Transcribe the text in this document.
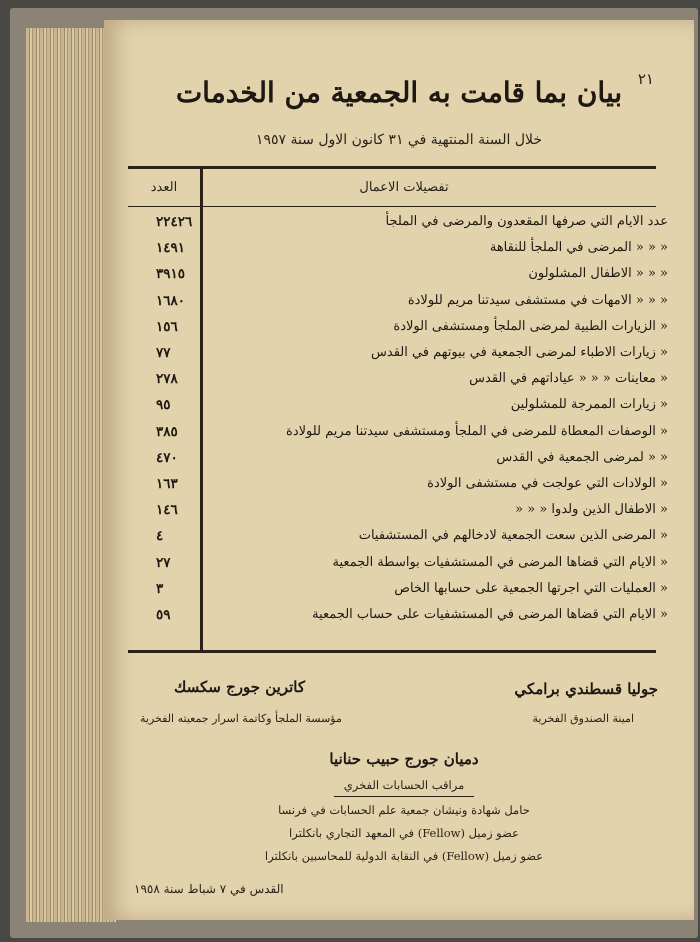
٢١
بيان بما قامت به الجمعية من الخدمات
خلال السنة المنتهية في ٣١ كانون الاول سنة ١٩٥٧
تفصيلات الاعمال
العدد
عدد الايام التي صرفها المقعدون والمرضى في الملجأ
٢٢٤٢٦
« « « المرضى في الملجأ للنقاهة
١٤٩١
« « « الاطفال المشلولون
٣٩١٥
« « « الامهات في مستشفى سيدتنا مريم للولادة
١٦٨٠
« الزيارات الطبية لمرضى الملجأ ومستشفى الولادة
١٥٦
« زيارات الاطباء لمرضى الجمعية في بيوتهم في القدس
٧٧
« معاينات « « « عياداتهم في القدس
٢٧٨
« زيارات الممرجة للمشلولين
٩٥
« الوصفات المعطاة للمرضى في الملجأ ومستشفى سيدتنا مريم للولادة
٣٨٥
« « لمرضى الجمعية في القدس
٤٧٠
« الولادات التي عولجت في مستشفى الولادة
١٦٣
« الاطفال الذين ولدوا « « «
١٤٦
« المرضى الذين سعت الجمعية لادخالهم في المستشفيات
٤
« الايام التي قضاها المرضى في المستشفيات بواسطة الجمعية
٢٧
« العمليات التي اجرتها الجمعية على حسابها الخاص
٣
« الايام التي قضاها المرضى في المستشفيات على حساب الجمعية
٥٩
جوليا قسطندي برامكي
امينة الصندوق الفخرية
كاترين جورج سكسك
مؤسسة الملجأ وكاتمة اسرار جمعيته الفخرية
دميان جورج حبيب حنانيا
مراقب الحسابات الفخري
حامل شهادة ونيشان جمعية علم الحسابات في فرنسا
عضو زميل (Fellow) في المعهد التجاري بانكلترا
عضو زميل (Fellow) في النقابة الدولية للمحاسبين بانكلترا
القدس في ٧ شباط سنة ١٩٥٨
